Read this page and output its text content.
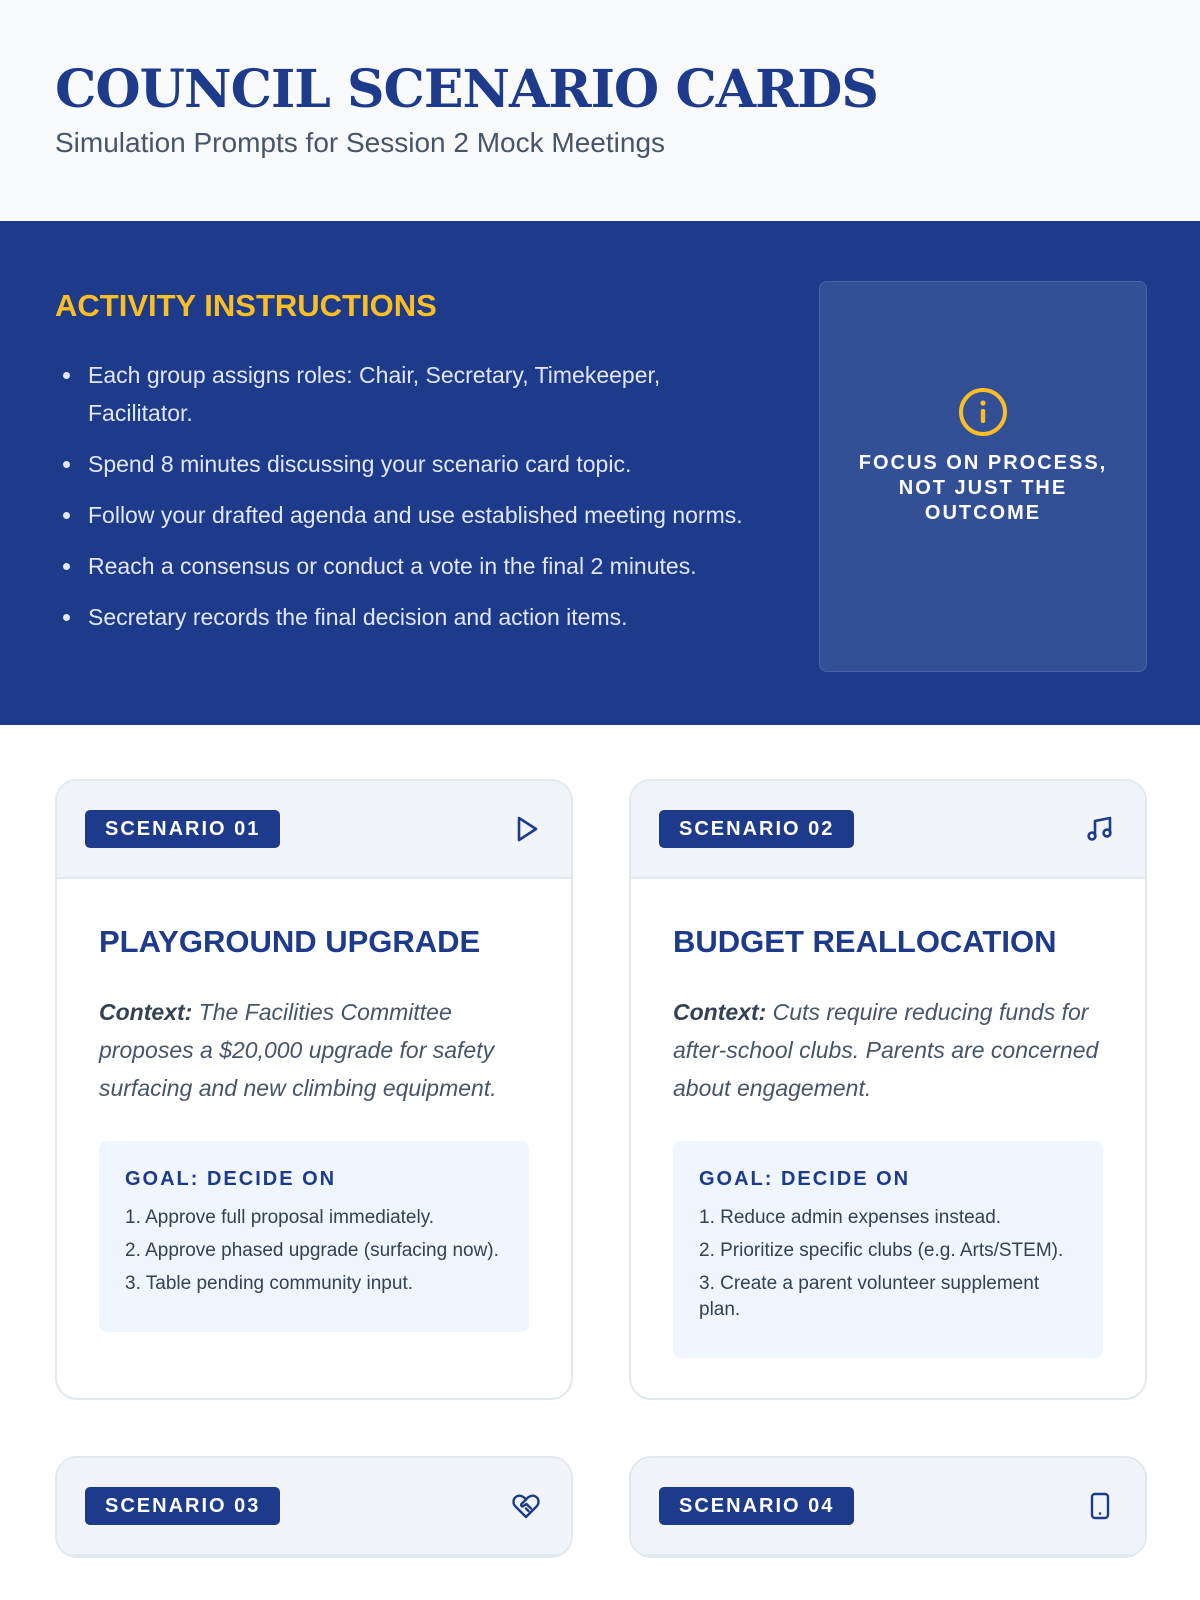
COUNCIL SCENARIO CARDS
Simulation Prompts for Session 2 Mock Meetings
ACTIVITY INSTRUCTIONS
Each group assigns roles: Chair, Secretary, Timekeeper, Facilitator.
Spend 8 minutes discussing your scenario card topic.
Follow your drafted agenda and use established meeting norms.
Reach a consensus or conduct a vote in the final 2 minutes.
Secretary records the final decision and action items.
FOCUS ON PROCESS, NOT JUST THE OUTCOME
SCENARIO 01
PLAYGROUND UPGRADE

Context: The Facilities Committee proposes a $20,000 upgrade for safety surfacing and new climbing equipment.

GOAL: DECIDE ON
1. Approve full proposal immediately.
2. Approve phased upgrade (surfacing now).
3. Table pending community input.
SCENARIO 02
BUDGET REALLOCATION

Context: Cuts require reducing funds for after-school clubs. Parents are concerned about engagement.

GOAL: DECIDE ON
1. Reduce admin expenses instead.
2. Prioritize specific clubs (e.g. Arts/STEM).
3. Create a parent volunteer supplement plan.
SCENARIO 03	SCENARIO 04
